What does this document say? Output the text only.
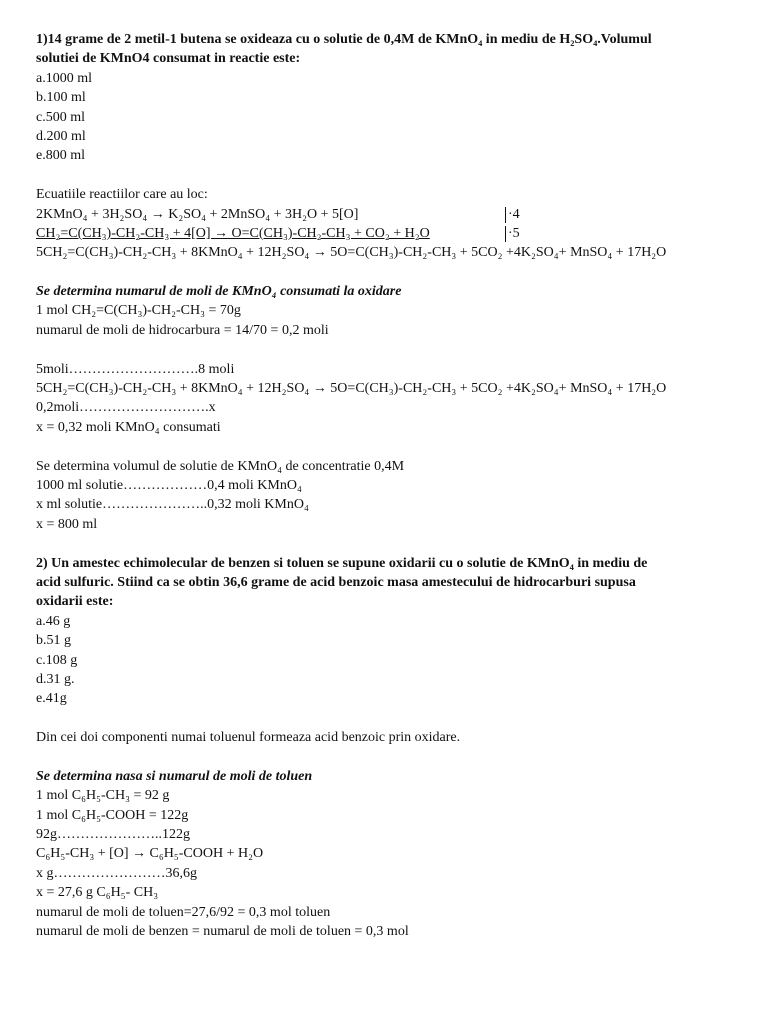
1)14 grame de 2 metil-1 butena se oxideaza cu o solutie de 0,4M de KMnO₄ in mediu de H₂SO₄.Volumul
solutiei de KMnO4 consumat in reactie este:
a.1000 ml
b.100 ml
c.500 ml
d.200 ml
e.800 ml
Ecuatiile reactiilor care au loc:
2KMnO₄ + 3H₂SO₄ → K₂SO₄ + 2MnSO₄ + 3H₂O + 5[O]	·4
CH₂=C(CH₃)-CH₂-CH₃ + 4[O] → O=C(CH₃)-CH₂-CH₃ + CO₂ + H₂O	·5
5CH₂=C(CH₃)-CH₂-CH₃ + 8KMnO₄ + 12H₂SO₄ → 5O=C(CH₃)-CH₂-CH₃ + 5CO₂ +4K₂SO₄+ MnSO₄ + 17H₂O
Se determina numarul de moli de KMnO₄ consumati la oxidare
1 mol CH₂=C(CH₃)-CH₂-CH₃ = 70g
numarul de moli de hidrocarbura = 14/70 = 0,2 moli
5moli……………………….8 moli
5CH₂=C(CH₃)-CH₂-CH₃ + 8KMnO₄ + 12H₂SO₄ → 5O=C(CH₃)-CH₂-CH₃ + 5CO₂ +4K₂SO₄+ MnSO₄ + 17H₂O
0,2moli……………………….x
x = 0,32 moli KMnO₄ consumati
Se determina volumul de solutie de KMnO₄ de concentratie 0,4M
1000 ml solutie………………0,4 moli KMnO₄
x ml solutie…………………..0,32 moli KMnO₄
x = 800 ml
2) Un amestec echimolecular de benzen si toluen se supune oxidarii cu o solutie de KMnO₄ in mediu de
acid sulfuric. Stiind ca se obtin 36,6 grame de acid benzoic masa amestecului de hidrocarburi supusa
oxidarii este:
a.46 g
b.51 g
c.108 g
d.31 g.
e.41g
Din cei doi componenti numai toluenul formeaza acid benzoic prin oxidare.
Se determina nasa si numarul de moli de toluen
1 mol C₆H₅-CH₃ = 92 g
1 mol C₆H₅-COOH = 122g
92g…………………..122g
C₆H₅-CH₃ + [O] → C₆H₅-COOH + H₂O
x g……………………36,6g
x = 27,6 g C₆H₅- CH₃
numarul de moli de toluen=27,6/92 = 0,3 mol toluen
numarul de moli de benzen = numarul de moli de toluen = 0,3 mol
